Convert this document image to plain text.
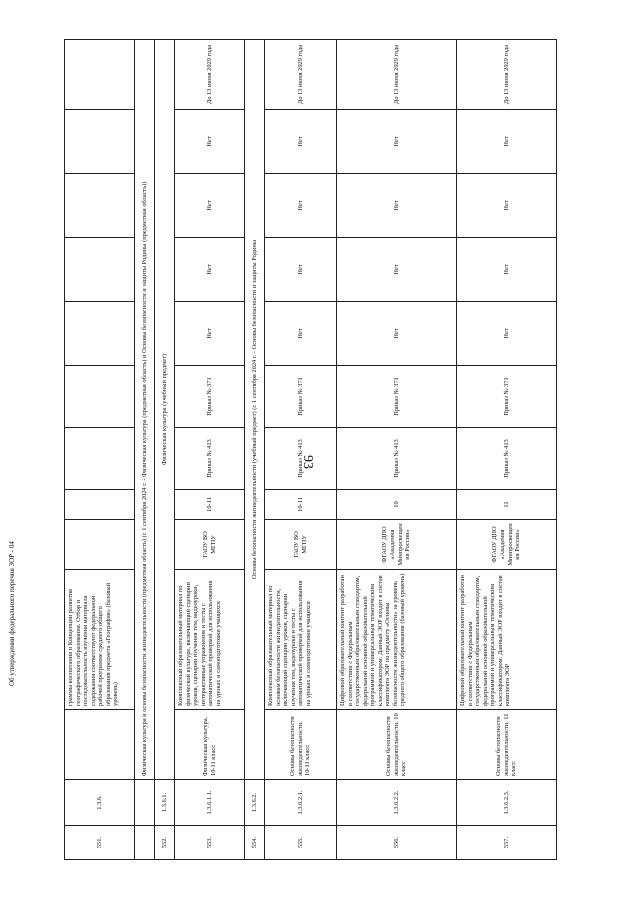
93
Об утверждении федерального перечня ЗОР - 04
551.	1.3.6.		граммы воспитания и Концепции развития географического образования. Отбор и последовательность изучения материала содержания соответствуют федеральной рабочей программе среднего общего образования предмета «География» (базовый уровень)									
		Физическая культура и основы безопасности жизнедеятельности (предметная область) (с 1 сентября 2024 г. - Физическая культура (предметная область) и Основы безопасности и защиты Родины (предметная область))										
552.	1.3.6.1.	Физическая культура (учебный предмет)										
553.	1.3.6.1.1.	Физическая культура. 10-11 класс	Комплексный образовательный материал по физической культуре, включающий сценарии уроков, сценарии изучения тем, видеоуроки, интерактивные упражнения и тесты с автоматической проверкой для использования на уроках и самоподготовки учащихся	ГАОУ ВО МГПУ	10-11	Приказ № 413	Приказ № 371	Нет	Нет	Нет	Нет	До 13 июня 2029 года
554.	1.3.6.2.	Основы безопасности жизнедеятельности (учебный предмет) (с 1 сентября 2024 г. - Основы безопасности и защиты Родины										
555.	1.3.6.2.1.	Основы безопасности жизнедеятельности. 10-11 класс	Комплексный образовательный материал по основам безопасности жизнедеятельности, включающий сценарии уроков, сценарии изучения тем, видеоуроки и тесты с автоматической проверкой для использования на уроках и самоподготовки учащихся	ГАОУ ВО МГПУ	10-11	Приказ № 413	Приказ № 371	Нет	Нет	Нет	Нет	До 13 июня 2029 года
556.	1.3.6.2.2.	Основы безопасности жизнедеятельности. 10 класс	Цифровой образовательный контент разработан в соответствии с Федеральным государственным образовательным стандартом, федеральной основной образовательной программой и универсальным тематическим классификатором. Данный ЭОР входит в состав комплекта ЭОР по предмету «Основы безопасности жизнедеятельности» за уровень среднего общего образования (базовый уровень)	ФГАОУ ДПО «Академия Минпросвещения России»	10	Приказ № 413	Приказ № 371	Нет	Нет	Нет	Нет	До 13 июня 2029 года
557.	1.3.6.2.3.	Основы безопасности жизнедеятельности. 11 класс	Цифровой образовательный контент разработан в соответствии с Федеральным государственным образовательным стандартом, федеральной основной образовательной программой и универсальным тематическим классификатором. Данный ЭОР входит в состав комплекта ЭОР	ФГАОУ ДПО «Академия Минпросвещения России»	11	Приказ № 413	Приказ № 371	Нет	Нет	Нет	Нет	До 13 июня 2029 года
